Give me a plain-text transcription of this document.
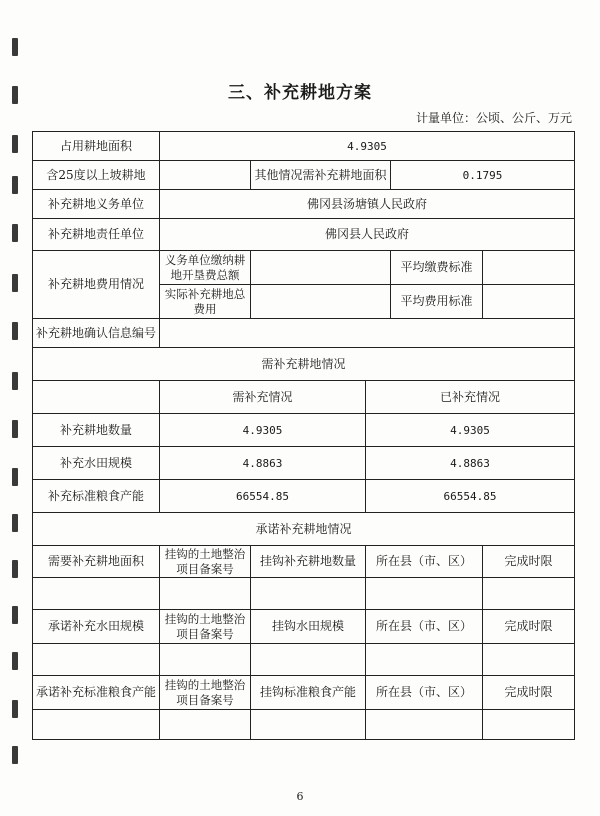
三、补充耕地方案
计量单位：公顷、公斤、万元
占用耕地面积	4.9305				
含25度以上坡耕地		其他情况需补充耕地面积		0.1795	
补充耕地义务单位	佛冈县汤塘镇人民政府				
补充耕地责任单位	佛冈县人民政府				
补充耕地费用情况	义务单位缴纳耕地开垦费总额			平均缴费标准	
	实际补充耕地总费用			平均费用标准	
补充耕地确认信息编号					
需补充耕地情况					
	需补充情况		已补充情况		
补充耕地数量	4.9305		4.9305		
补充水田规模	4.8863		4.8863		
补充标准粮食产能	66554.85		66554.85		
承诺补充耕地情况					
需要补充耕地面积	挂钩的土地整治项目备案号	挂钩补充耕地数量	所在县（市、区）		完成时限

承诺补充水田规模	挂钩的土地整治项目备案号	挂钩水田规模	所在县（市、区）		完成时限

承诺补充标准粮食产能	挂钩的土地整治项目备案号	挂钩标准粮食产能	所在县（市、区）		完成时限

6
